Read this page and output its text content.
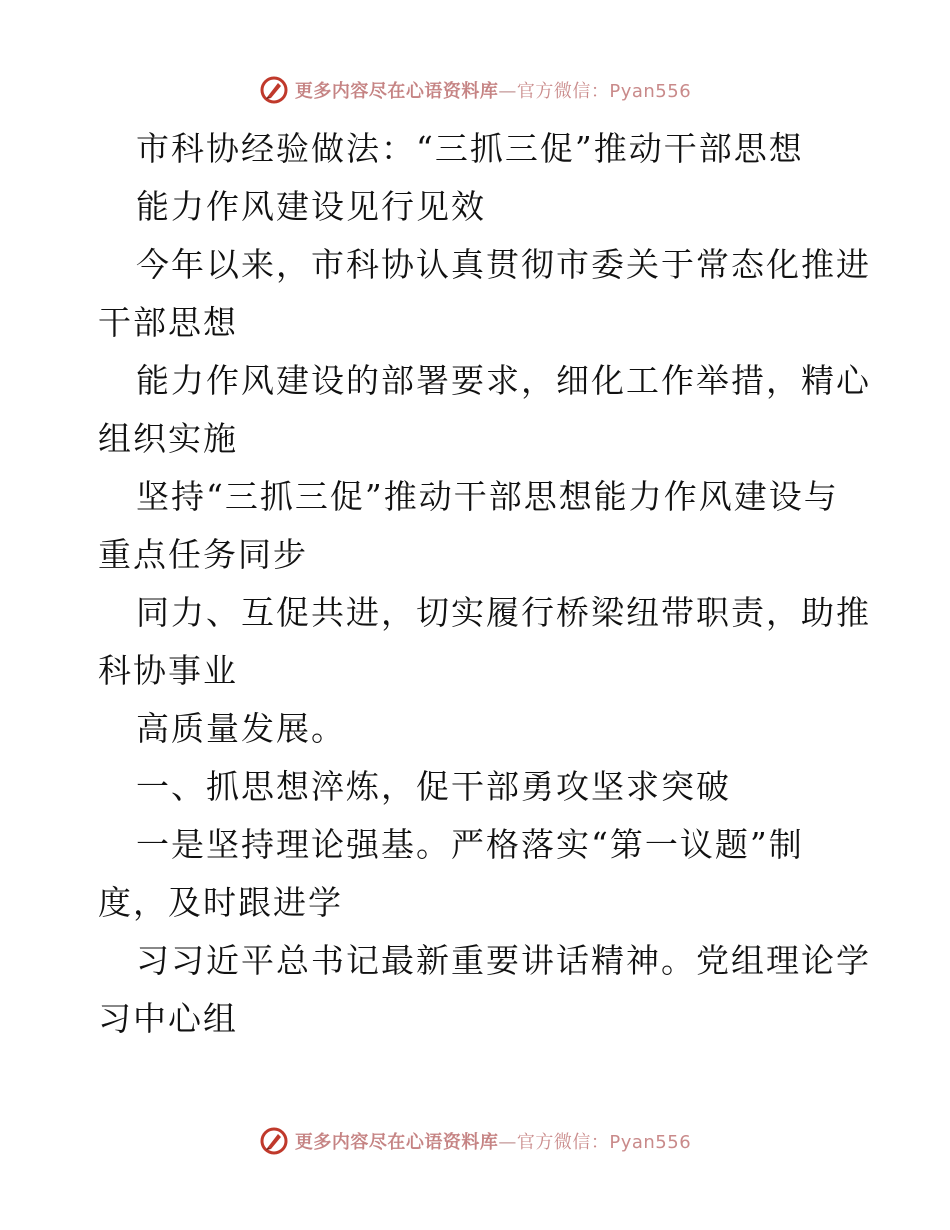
更多内容尽在心语资料库—官方微信：Pyan556
市科协经验做法：“三抓三促”推动干部思想
能力作风建设见行见效
今年以来，市科协认真贯彻市委关于常态化推进
干部思想
能力作风建设的部署要求，细化工作举措，精心
组织实施
坚持“三抓三促”推动干部思想能力作风建设与
重点任务同步
同力、互促共进，切实履行桥梁纽带职责，助推
科协事业
高质量发展。
一、抓思想淬炼，促干部勇攻坚求突破
一是坚持理论强基。严格落实“第一议题”制
度，及时跟进学
习习近平总书记最新重要讲话精神。党组理论学
习中心组
更多内容尽在心语资料库—官方微信：Pyan556
